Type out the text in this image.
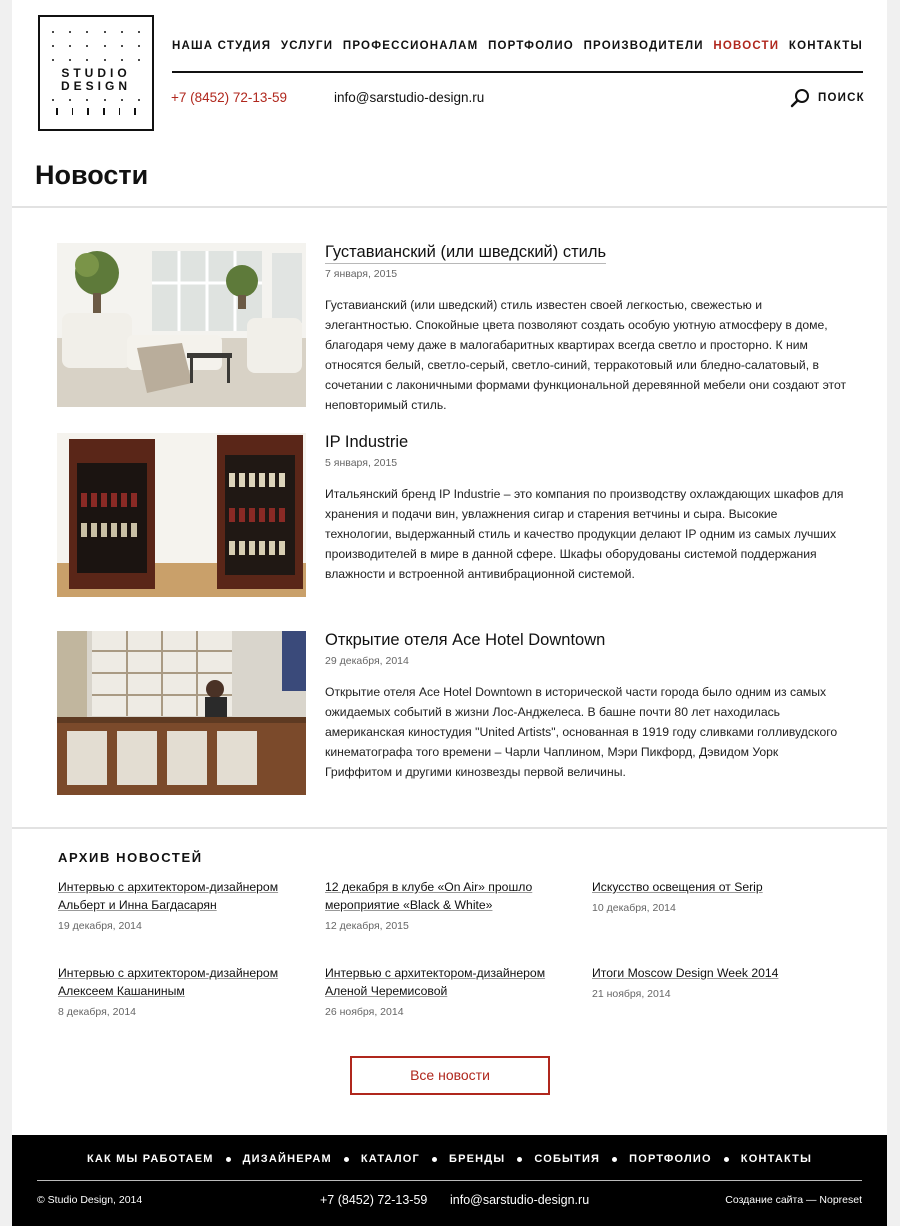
STUDIO
DESIGN
НАША СТУДИЯ УСЛУГИ ПРОФЕССИОНАЛАМ ПОРТФОЛИО ПРОИЗВОДИТЕЛИ НОВОСТИ КОНТАКТЫ
+7 (8452) 72-13-59	info@sarstudio-design.ru	ПОИСК
Новости
Густавианский (или шведский) стиль
7 января, 2015

Густавианский (или шведский) стиль известен своей легкостью, свежестью и элегантностью. Спокойные цвета позволяют создать особую уютную атмосферу в доме, благодаря чему даже в малогабаритных квартирах всегда светло и просторно. К ним относятся белый, светло-серый, светло-синий, терракотовый или бледно-салатовый, в сочетании с лаконичными формами функциональной деревянной мебели они создают этот неповторимый стиль.

IP Industrie
5 января, 2015

Итальянский бренд IP Industrie – это компания по производству охлаждающих шкафов для хранения и подачи вин, увлажнения сигар и старения ветчины и сыра. Высокие технологии, выдержанный стиль и качество продукции делают IP одним из самых лучших производителей в мире в данной сфере. Шкафы оборудованы системой поддержания влажности и встроенной антивибрационной системой.

Открытие отеля Ace Hotel Downtown
29 декабря, 2014

Открытие отеля Ace Hotel Downtown в исторической части города было одним из самых ожидаемых событий в жизни Лос-Анджелеса. В башне почти 80 лет находилась американская киностудия "United Artists", основанная в 1919 году сливками голливудского кинематографа того времени – Чарли Чаплином, Мэри Пикфорд, Дэвидом Уорк Гриффитом и другими кинозвезды первой величины.

АРХИВ НОВОСТЕЙ
Интервью с архитектором-дизайнером Альберт и Инна Багдасарян
19 декабря, 2014
12 декабря в клубе «On Air» прошло мероприятие «Black & White»
12 декабря, 2015
Искусство освещения от Serip
10 декабря, 2014
Интервью с архитектором-дизайнером Алексеем Кашаниным
8 декабря, 2014
Интервью с архитектором-дизайнером Аленой Черемисовой
26 ноября, 2014
Итоги Moscow Design Week 2014
21 ноября, 2014
Все новости
КАК МЫ РАБОТАЕМ	ДИЗАЙНЕРАМ	КАТАЛОГ	БРЕНДЫ	СОБЫТИЯ	ПОРТФОЛИО	КОНТАКТЫ
© Studio Design, 2014	+7 (8452) 72-13-59 info@sarstudio-design.ru	Создание сайта — Nopreset
